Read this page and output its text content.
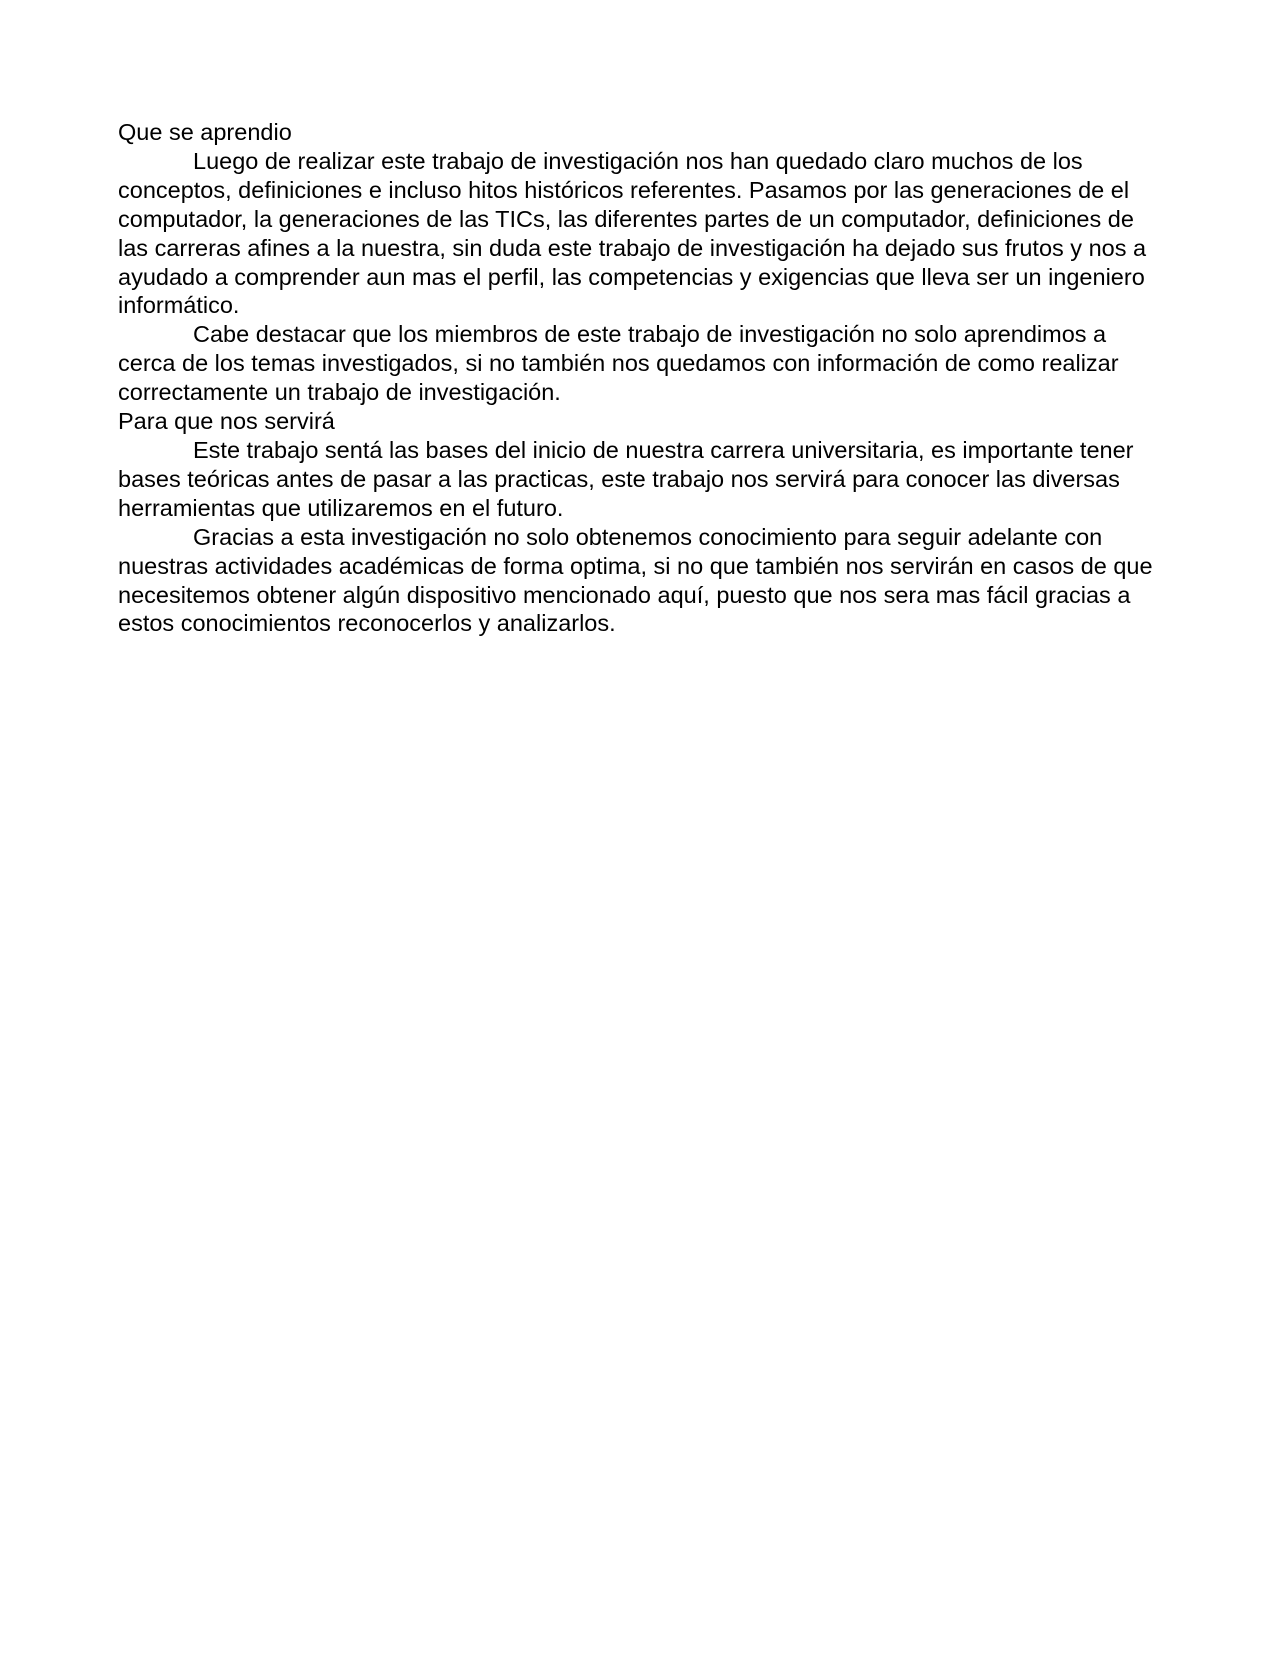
Que se aprendio

Luego de realizar este trabajo de investigación nos han quedado claro muchos de los conceptos, definiciones e incluso hitos históricos referentes. Pasamos por las generaciones de el computador, la generaciones de las TICs, las diferentes partes de un computador, definiciones de las carreras afines a la nuestra, sin duda este trabajo de investigación ha dejado sus frutos y nos a ayudado a comprender aun mas el perfil, las competencias y exigencias que lleva ser un ingeniero informático.

Cabe destacar que los miembros de este trabajo de investigación no solo aprendimos a cerca de los temas investigados, si no también nos quedamos con información de como realizar correctamente un trabajo de investigación.

Para que nos servirá

Este trabajo sentá las bases del inicio de nuestra carrera universitaria, es importante tener bases teóricas antes de pasar a las practicas, este trabajo nos servirá para conocer las diversas herramientas que utilizaremos en el futuro.

Gracias a esta investigación no solo obtenemos conocimiento para seguir adelante con nuestras actividades académicas de forma optima, si no que también nos servirán en casos de que necesitemos obtener algún dispositivo mencionado aquí, puesto que nos sera mas fácil gracias a estos conocimientos reconocerlos y analizarlos.
